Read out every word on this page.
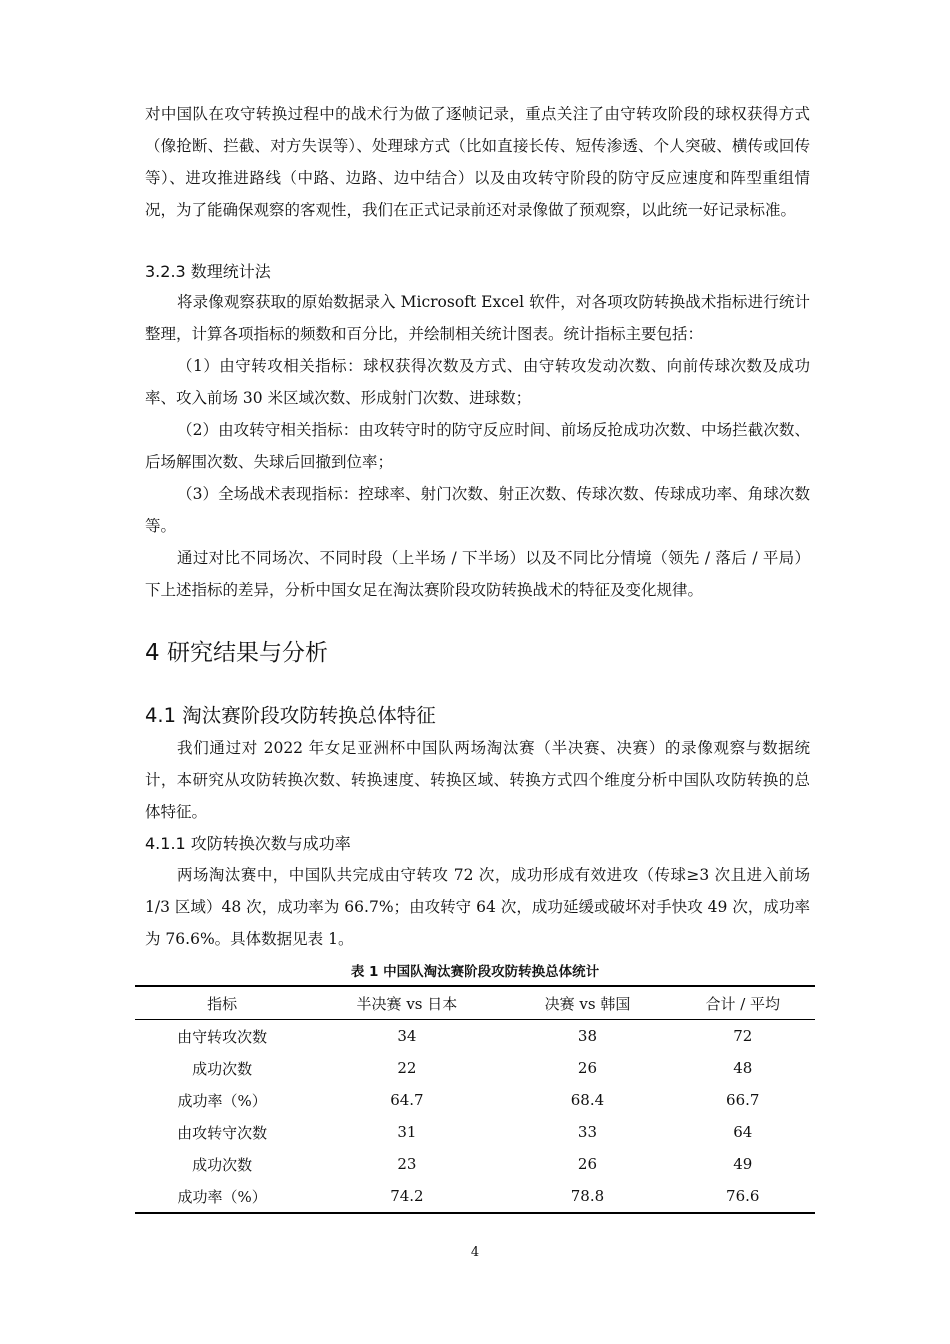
对中国队在攻守转换过程中的战术行为做了逐帧记录，重点关注了由守转攻阶段的球权获得方式（像抢断、拦截、对方失误等）、处理球方式（比如直接长传、短传渗透、个人突破、横传或回传等）、进攻推进路线（中路、边路、边中结合）以及由攻转守阶段的防守反应速度和阵型重组情况，为了能确保观察的客观性，我们在正式记录前还对录像做了预观察，以此统一好记录标准。

3.2.3 数理统计法

将录像观察获取的原始数据录入 Microsoft Excel 软件，对各项攻防转换战术指标进行统计整理，计算各项指标的频数和百分比，并绘制相关统计图表。统计指标主要包括：

（1）由守转攻相关指标：球权获得次数及方式、由守转攻发动次数、向前传球次数及成功率、攻入前场 30 米区域次数、形成射门次数、进球数；

（2）由攻转守相关指标：由攻转守时的防守反应时间、前场反抢成功次数、中场拦截次数、后场解围次数、失球后回撤到位率；

（3）全场战术表现指标：控球率、射门次数、射正次数、传球次数、传球成功率、角球次数等。

通过对比不同场次、不同时段（上半场 / 下半场）以及不同比分情境（领先 / 落后 / 平局）下上述指标的差异，分析中国女足在淘汰赛阶段攻防转换战术的特征及变化规律。

4 研究结果与分析
4.1 淘汰赛阶段攻防转换总体特征

我们通过对 2022 年女足亚洲杯中国队两场淘汰赛（半决赛、决赛）的录像观察与数据统计，本研究从攻防转换次数、转换速度、转换区域、转换方式四个维度分析中国队攻防转换的总体特征。

4.1.1 攻防转换次数与成功率

两场淘汰赛中，中国队共完成由守转攻 72 次，成功形成有效进攻（传球≥3 次且进入前场 1/3 区域）48 次，成功率为 66.7%；由攻转守 64 次，成功延缓或破坏对手快攻 49 次，成功率为 76.6%。具体数据见表 1。

表 1 中国队淘汰赛阶段攻防转换总体统计
指标	半决赛 vs 日本	决赛 vs 韩国	合计 / 平均
由守转攻次数	34	38	72
成功次数	22	26	48
成功率（%）	64.7	68.4	66.7
由攻转守次数	31	33	64
成功次数	23	26	49
成功率（%）	74.2	78.8	76.6
4
